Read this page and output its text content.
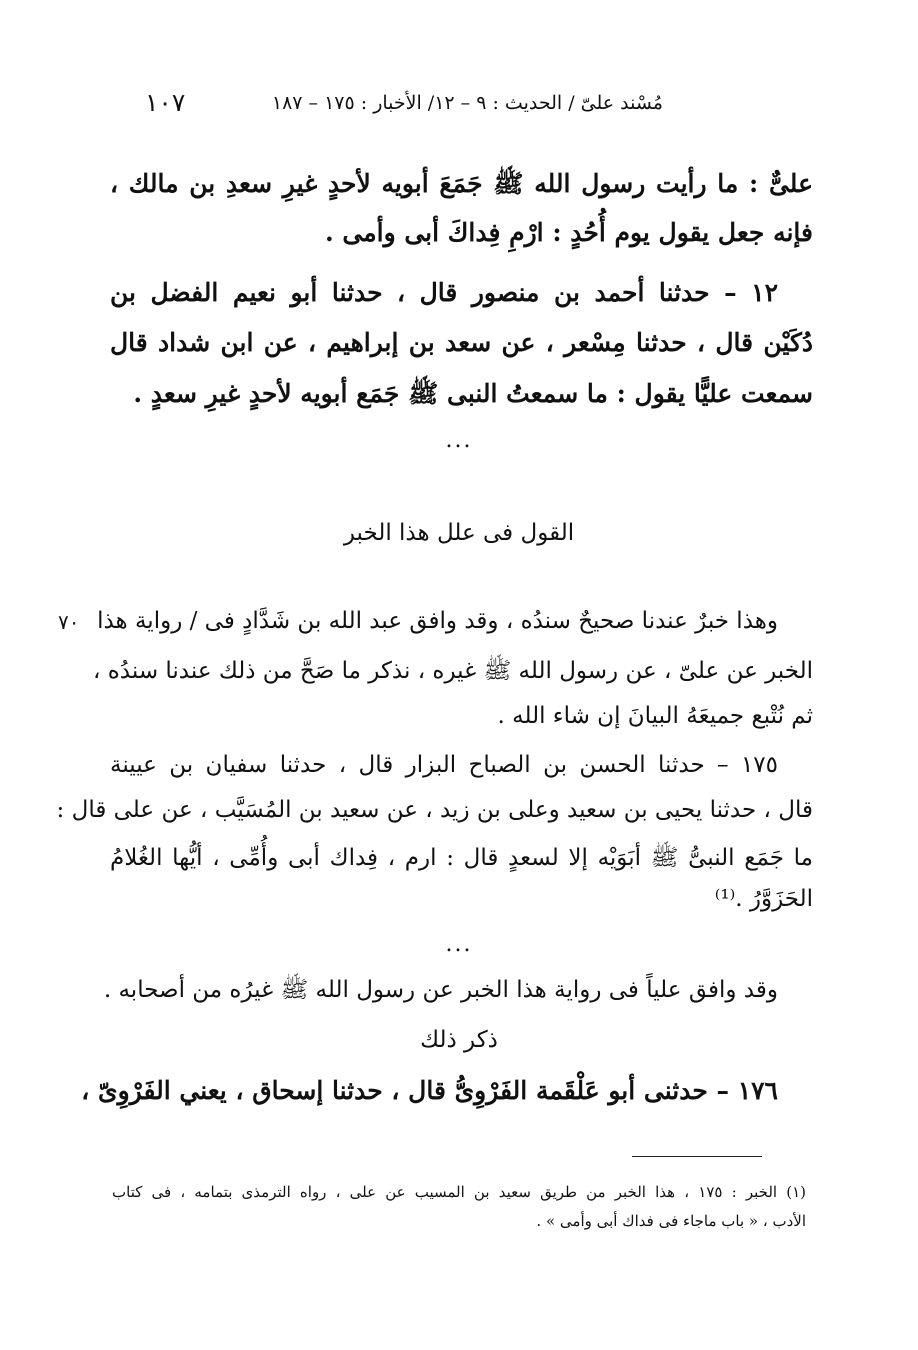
مُسْند علىّ / الحديث : ٩ – ١٢/ الأخبار : ١٧٥ – ١٨٧
١٠٧
علىٌّ : ما رأيت رسول الله ﷺ جَمَعَ أبويه لأحدٍ غيرِ سعدِ بن مالك ،
فإنه جعل يقول يوم أُحُدٍ : ارْمِ فِداكَ أبى وأمى .
١٢ – حدثنا أحمد بن منصور قال ، حدثنا أبو نعيم الفضل بن
دُكَيْن قال ، حدثنا مِسْعر ، عن سعد بن إبراهيم ، عن ابن شداد قال
سمعت عليًّا يقول : ما سمعتُ النبى ﷺ جَمَع أبويه لأحدٍ غيرِ سعدٍ .
...
القول فى علل هذا الخبر
٧٠ وهذا خبرٌ عندنا صحيحٌ سندُه ، وقد وافق عبد الله بن شَدَّادٍ فى / رواية هذا
الخبر عن علىّ ، عن رسول الله ﷺ غيره ، نذكر ما صَحَّ من ذلك عندنا سندُه ،
ثم نُتْبع جميعَهُ البيانَ إن شاء الله .
١٧٥ – حدثنا الحسن بن الصباح البزار قال ، حدثنا سفيان بن عيينة
قال ، حدثنا يحيى بن سعيد وعلى بن زيد ، عن سعيد بن المُسَيَّب ، عن على قال :
ما جَمَع النبىُّ ﷺ أبَوَيْه إلا لسعدٍ قال : ارم ، فِداك أبى وأُمِّى ، أيُّها الغُلامُ
الحَزَوَّرُ .⁽¹⁾
...
وقد وافق علياً فى رواية هذا الخبر عن رسول الله ﷺ غيرُه من أصحابه .
ذكر ذلك
١٧٦ – حدثنى أبو عَلْقَمة الفَرْوِىُّ قال ، حدثنا إسحاق ، يعني الفَرْوِىّ ،
(١) الخبر : ١٧٥ ، هذا الخبر من طريق سعيد بن المسيب عن على ، رواه الترمذى بتمامه ، فى كتاب
الأدب ، « باب ماجاء فى فداك أبى وأمى » .
